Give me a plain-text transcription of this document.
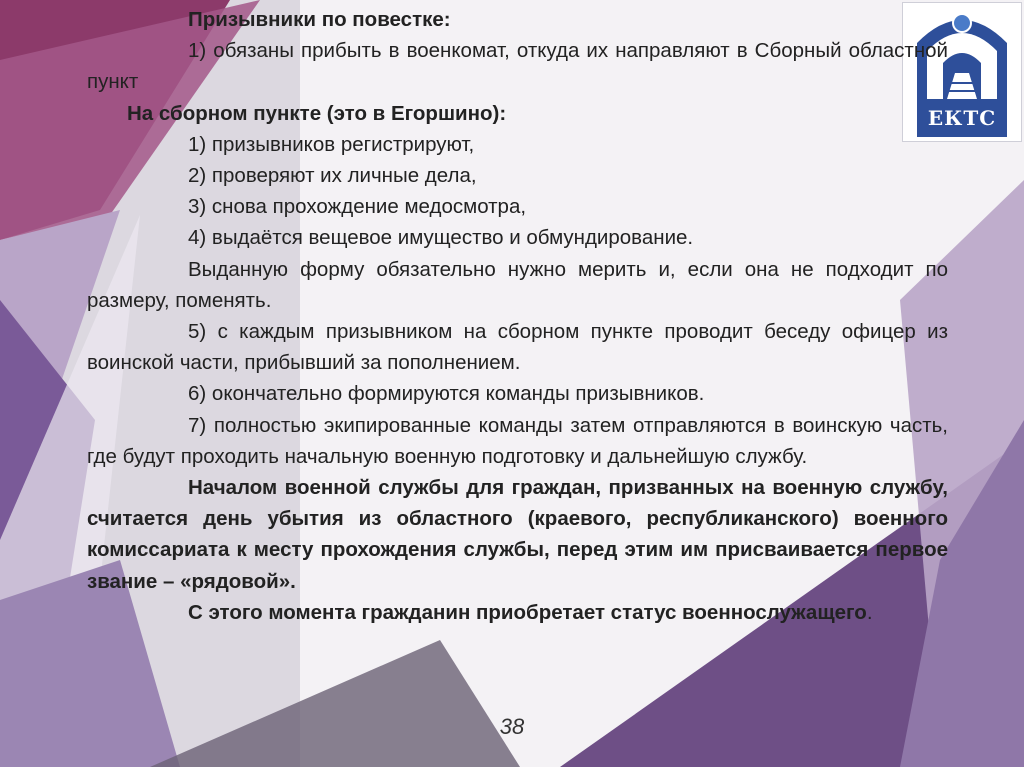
ЕКТС

Призывники по повестке:

1) обязаны прибыть в военкомат, откуда их направляют в Сборный областной пункт

На сборном пункте (это в Егоршино):

1) призывников регистрируют,

2) проверяют их личные дела,

3) снова прохождение медосмотра,

4) выдаётся вещевое имущество и обмундирование.

Выданную форму обязательно нужно мерить и, если она не подходит по размеру, поменять.

5) с каждым призывником на сборном пункте проводит беседу офицер из воинской части, прибывший за пополнением.

6) окончательно формируются команды призывников.

7) полностью экипированные команды затем отправляются в воинскую часть, где будут проходить начальную военную подготовку и дальнейшую службу.

Началом военной службы для граждан, призванных на военную службу, считается день убытия из областного (краевого, республиканского) военного комиссариата к месту прохождения службы, перед этим им присваивается первое звание – «рядовой».

С этого момента гражданин приобретает статус военнослужащего.

38
